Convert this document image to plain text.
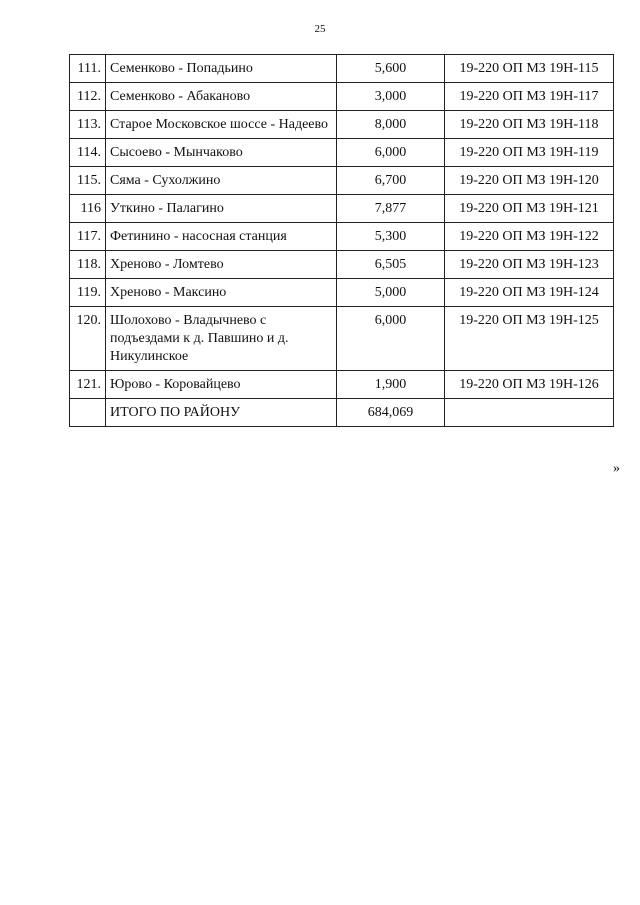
25
111.	Семенково - Попадьино	5,600	19-220 ОП МЗ 19Н-115
112.	Семенково - Абаканово	3,000	19-220 ОП МЗ 19Н-117
113.	Старое Московское шоссе - Надеево	8,000	19-220 ОП МЗ 19Н-118
114.	Сысоево - Мынчаково	6,000	19-220 ОП МЗ 19Н-119
115.	Сяма - Сухолжино	6,700	19-220 ОП МЗ 19Н-120
116	Уткино - Палагино	7,877	19-220 ОП МЗ 19Н-121
117.	Фетинино - насосная станция	5,300	19-220 ОП МЗ 19Н-122
118.	Хреново - Ломтево	6,505	19-220 ОП МЗ 19Н-123
119.	Хреново - Максино	5,000	19-220 ОП МЗ 19Н-124
120.	Шолохово - Владычнево с подъездами к д. Павшино и д. Никулинское	6,000	19-220 ОП МЗ 19Н-125
121.	Юрово - Коровайцево	1,900	19-220 ОП МЗ 19Н-126
	ИТОГО ПО РАЙОНУ	684,069	
»
